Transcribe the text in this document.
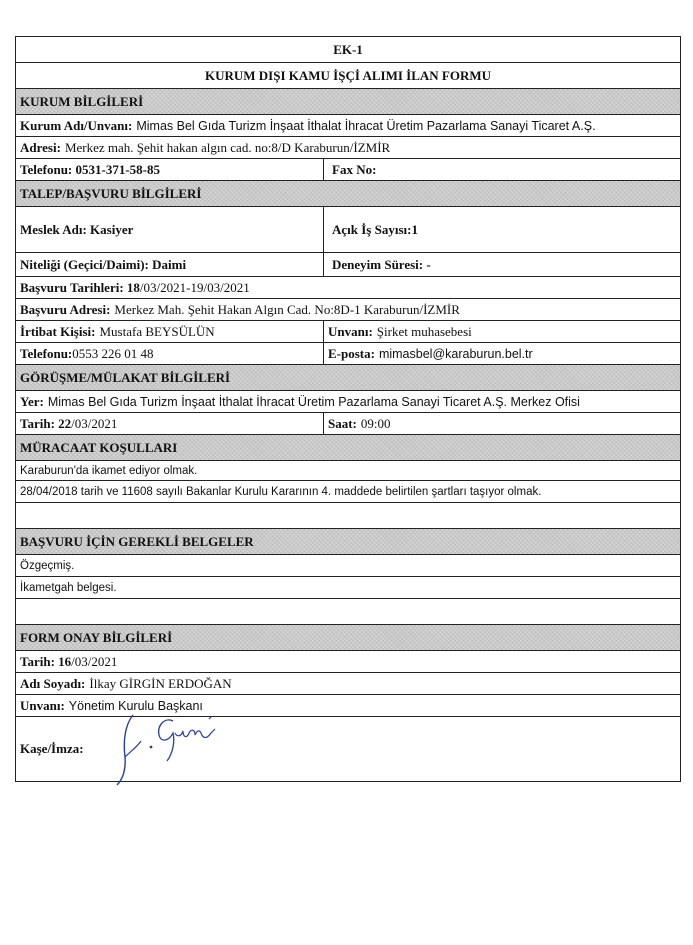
EK-1
KURUM DIŞI KAMU İŞÇİ ALIMI İLAN FORMU
KURUM BİLGİLERİ
Kurum Adı/Unvanı: Mimas Bel Gıda Turizm İnşaat İthalat İhracat Üretim Pazarlama Sanayi Ticaret A.Ş.
Adresi: Merkez mah. Şehit hakan algın cad. no:8/D Karaburun/İZMİR
Telefonu: 0531-371-58-85	Fax No:
TALEP/BAŞVURU BİLGİLERİ
Meslek Adı: Kasiyer	Açık İş Sayısı:1
Niteliği (Geçici/Daimi): Daimi	Deneyim Süresi: -
Başvuru Tarihleri: 18 /03/2021-19/03/2021
Başvuru Adresi: Merkez Mah. Şehit Hakan Algın Cad. No:8D-1 Karaburun/İZMİR
İrtibat Kişisi: Mustafa BEYSÜLÜN	Unvanı: Şirket muhasebesi
Telefonu: 0553 226 01 48	E-posta: mimasbel@karaburun.bel.tr
GÖRÜŞME/MÜLAKAT BİLGİLERİ
Yer: Mimas Bel Gıda Turizm İnşaat İthalat İhracat Üretim Pazarlama Sanayi Ticaret A.Ş. Merkez Ofisi
Tarih: 22 /03/2021	Saat: 09:00
MÜRACAAT KOŞULLARI
Karaburun'da ikamet ediyor olmak.
28/04/2018 tarih ve 11608 sayılı Bakanlar Kurulu Kararının 4. maddede belirtilen şartları taşıyor olmak.
BAŞVURU İÇİN GEREKLİ BELGELER
Özgeçmiş.
İkametgah belgesi.
FORM ONAY BİLGİLERİ
Tarih: 16 /03/2021
Adı Soyadı: İlkay GİRGİN ERDOĞAN
Unvanı: Yönetim Kurulu Başkanı
Kaşe/İmza:
